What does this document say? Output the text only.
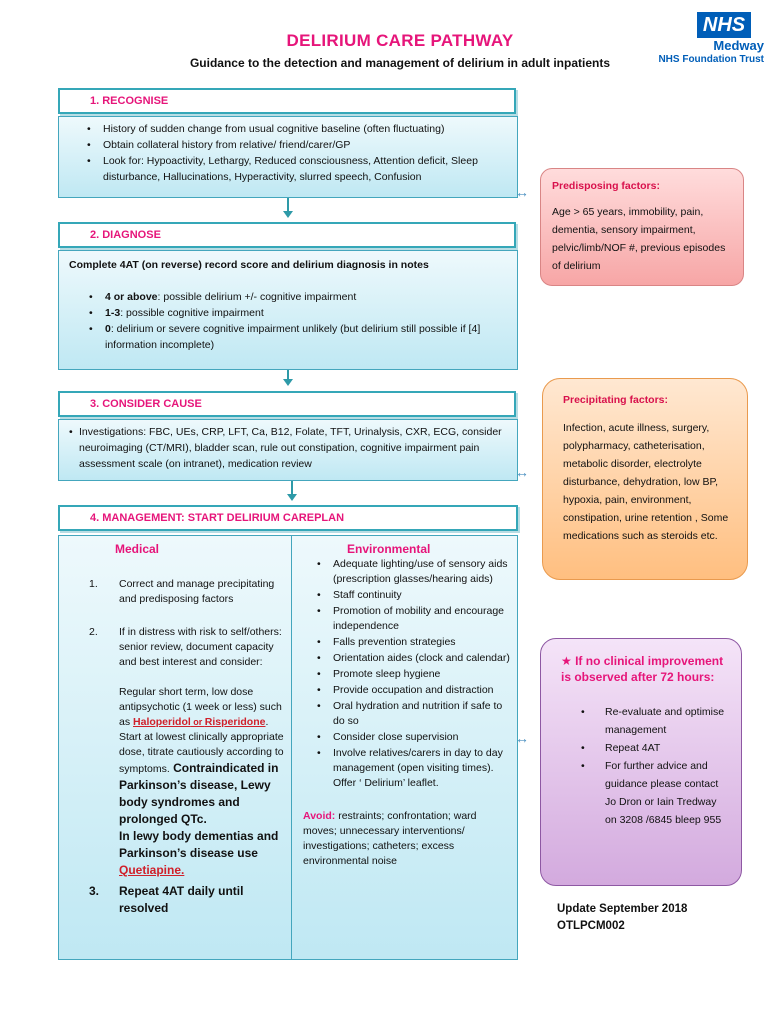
DELIRIUM CARE PATHWAY
Guidance to the detection and management of delirium in adult inpatients
NHS
Medway
NHS Foundation Trust
1. RECOGNISE
• History of sudden change from usual cognitive baseline (often fluctuating)
• Obtain collateral history from relative/ friend/carer/GP
• Look for: Hypoactivity, Lethargy, Reduced consciousness, Attention deficit, Sleep disturbance, Hallucinations, Hyperactivity, slurred speech, Confusion
2. DIAGNOSE
Complete 4AT (on reverse) record score and delirium diagnosis in notes
• 4 or above: possible delirium +/- cognitive impairment
• 1-3: possible cognitive impairment
• 0: delirium or severe cognitive impairment unlikely (but delirium still possible if [4] information incomplete)
3. CONSIDER CAUSE
• Investigations: FBC, UEs, CRP, LFT, Ca, B12, Folate, TFT, Urinalysis, CXR, ECG, consider neuroimaging (CT/MRI), bladder scan, rule out constipation, cognitive impairment pain assessment scale (on intranet), medication review
4. MANAGEMENT: START DELIRIUM CAREPLAN
Medical
1. Correct and manage precipitating and predisposing factors
2. If in distress with risk to self/others: senior review, document capacity and best interest and consider:
Regular short term, low dose antipsychotic (1 week or less) such as Haloperidol or Risperidone. Start at lowest clinically appropriate dose, titrate cautiously according to symptoms. Contraindicated in Parkinson’s disease, Lewy body syndromes and prolonged QTc.
In lewy body dementias and Parkinson’s disease use Quetiapine.
3. Repeat 4AT daily until resolved
Environmental
• Adequate lighting/use of sensory aids (prescription glasses/hearing aids)
• Staff continuity
• Promotion of mobility and encourage independence
• Falls prevention strategies
• Orientation aides (clock and calendar)
• Promote sleep hygiene
• Provide occupation and distraction
• Oral hydration and nutrition if safe to do so
• Consider close supervision
• Involve relatives/carers in day to day management (open visiting times). Offer ‘ Delirium’ leaflet.
Avoid: restraints; confrontation; ward moves; unnecessary interventions/ investigations; catheters; excess environmental noise
↔ Predisposing factors:
Age > 65 years, immobility, pain, dementia, sensory impairment, pelvic/limb/NOF #, previous episodes of delirium
↔
Precipitating factors:
Infection, acute illness, surgery, polypharmacy, catheterisation, metabolic disorder, electrolyte disturbance, dehydration, low BP, hypoxia, pain, environment, constipation, urine retention , Some medications such as steroids etc.
↔
★ If no clinical improvement is observed after 72 hours:
• Re-evaluate and optimise management
• Repeat 4AT
• For further advice and guidance please contact Jo Dron or Iain Tredway on 3208 /6845 bleep 955
Update September 2018
OTLPCM002
